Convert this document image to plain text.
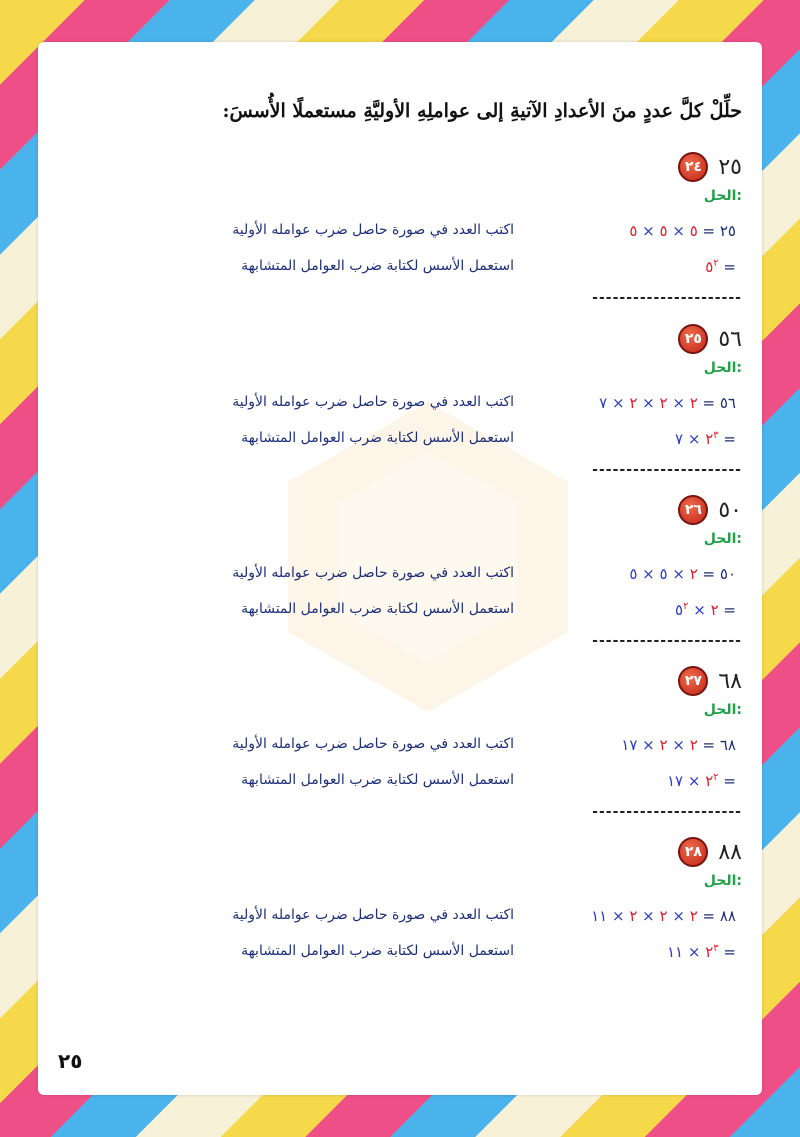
حلِّلْ كلَّ عددٍ منَ الأعدادِ الآتيةِ إلى عواملِهِ الأوليَّةِ مستعملًا الأُسسَ:
٢٤ ٢٥
الحل:
٢٥ = ٥ × ٥ × ٥
اكتب العدد في صورة حاصل ضرب عوامله الأولية
= $٥^٢$
استعمل الأسس لكتابة ضرب العوامل المتشابهة
----------------------
٢٥ ٥٦
الحل:
٥٦ = ٢ × ٢ × ٢ × ٧
اكتب العدد في صورة حاصل ضرب عوامله الأولية
= $٢^٣$ × ٧
استعمل الأسس لكتابة ضرب العوامل المتشابهة
----------------------
٢٦ ٥٠
الحل:
٥٠ = ٢ × ٥ × ٥
اكتب العدد في صورة حاصل ضرب عوامله الأولية
= ٢ × $٥^٢$
استعمل الأسس لكتابة ضرب العوامل المتشابهة
----------------------
٢٧ ٦٨
الحل:
٦٨ = ٢ × ٢ × ١٧
اكتب العدد في صورة حاصل ضرب عوامله الأولية
= $٢^٢$ × ١٧
استعمل الأسس لكتابة ضرب العوامل المتشابهة
----------------------
٢٨ ٨٨
الحل:
٨٨ = ٢ × ٢ × ٢ × ١١
اكتب العدد في صورة حاصل ضرب عوامله الأولية
= $٢^٣$ × ١١
استعمل الأسس لكتابة ضرب العوامل المتشابهة
٢٥
